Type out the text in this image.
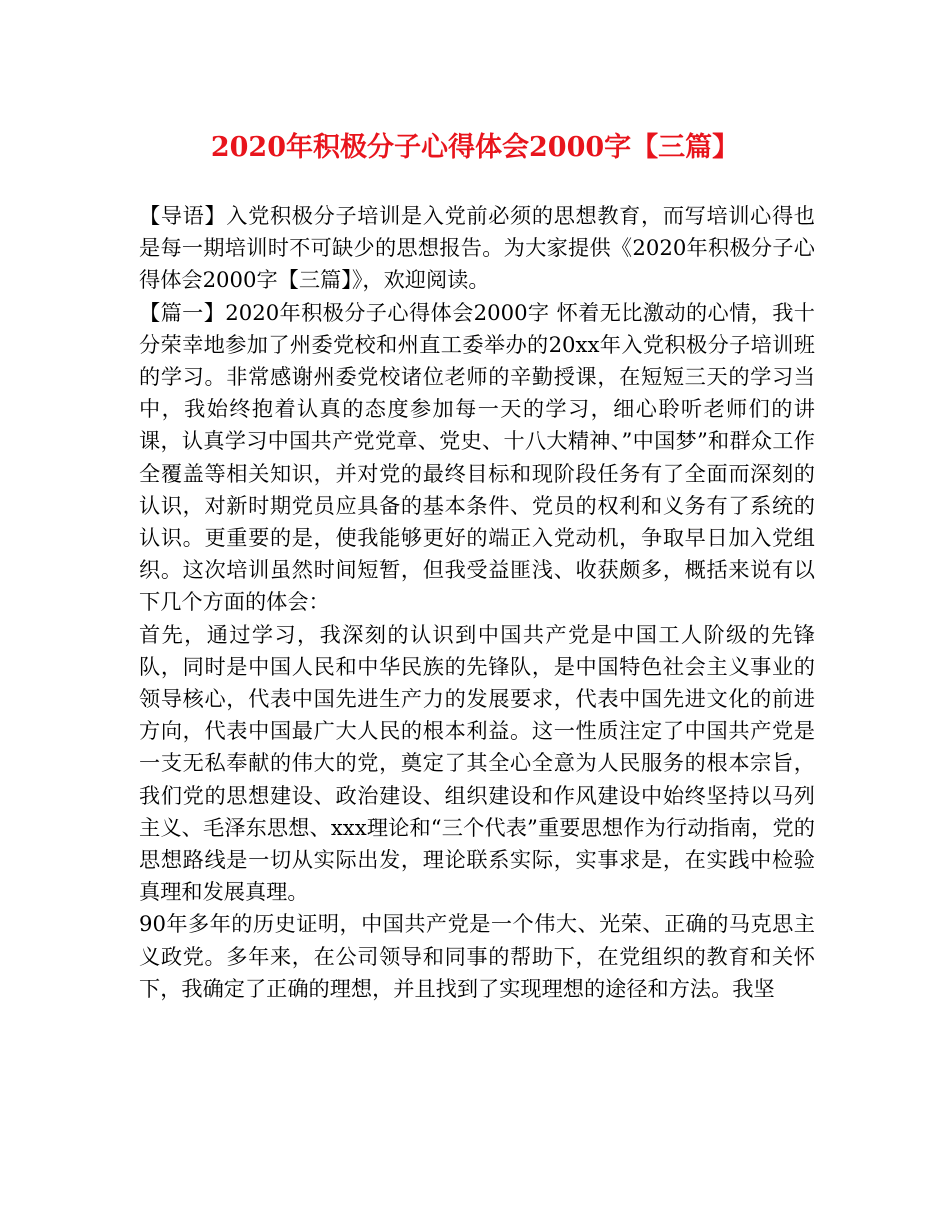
2020年积极分子心得体会2000字【三篇】

【导语】入党积极分子培训是入党前必须的思想教育，而写培训心得也是每一期培训时不可缺少的思想报告。为大家提供《2020年积极分子心得体会2000字【三篇】》，欢迎阅读。

【篇一】2020年积极分子心得体会2000字 怀着无比激动的心情，我十分荣幸地参加了州委党校和州直工委举办的20xx年入党积极分子培训班的学习。非常感谢州委党校诸位老师的辛勤授课，在短短三天的学习当中，我始终抱着认真的态度参加每一天的学习，细心聆听老师们的讲课，认真学习中国共产党党章、党史、十八大精神、”中国梦”和群众工作全覆盖等相关知识，并对党的最终目标和现阶段任务有了全面而深刻的认识，对新时期党员应具备的基本条件、党员的权利和义务有了系统的认识。更重要的是，使我能够更好的端正入党动机，争取早日加入党组织。这次培训虽然时间短暂，但我受益匪浅、收获颇多，概括来说有以下几个方面的体会：

首先，通过学习，我深刻的认识到中国共产党是中国工人阶级的先锋队，同时是中国人民和中华民族的先锋队，是中国特色社会主义事业的领导核心，代表中国先进生产力的发展要求，代表中国先进文化的前进方向，代表中国最广大人民的根本利益。这一性质注定了中国共产党是一支无私奉献的伟大的党，奠定了其全心全意为人民服务的根本宗旨，我们党的思想建设、政治建设、组织建设和作风建设中始终坚持以马列主义、毛泽东思想、xxx理论和“三个代表”重要思想作为行动指南，党的思想路线是一切从实际出发，理论联系实际，实事求是，在实践中检验真理和发展真理。

90年多年的历史证明，中国共产党是一个伟大、光荣、正确的马克思主义政党。多年来，在公司领导和同事的帮助下，在党组织的教育和关怀下，我确定了正确的理想，并且找到了实现理想的途径和方法。我坚
